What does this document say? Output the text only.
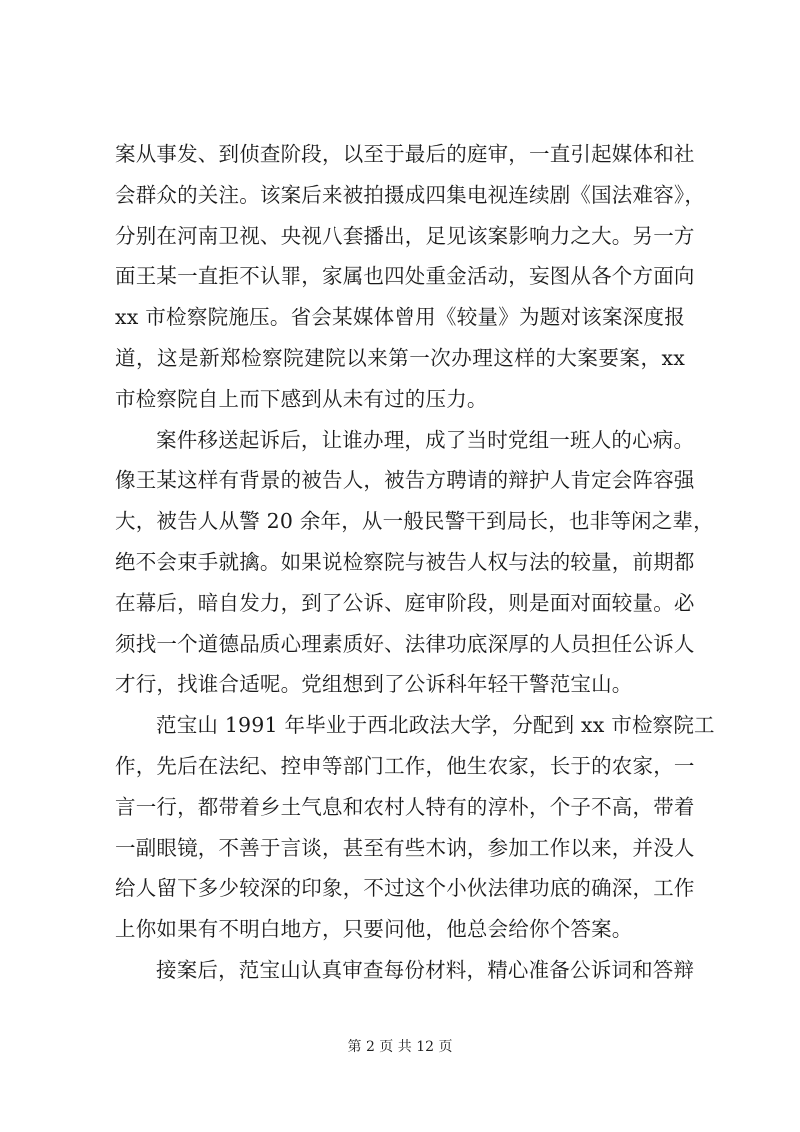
案从事发、到侦查阶段，以至于最后的庭审，一直引起媒体和社
会群众的关注。该案后来被拍摄成四集电视连续剧《国法难容》，
分别在河南卫视、央视八套播出，足见该案影响力之大。另一方
面王某一直拒不认罪，家属也四处重金活动，妄图从各个方面向
xx 市检察院施压。省会某媒体曾用《较量》为题对该案深度报
道，这是新郑检察院建院以来第一次办理这样的大案要案，xx
市检察院自上而下感到从未有过的压力。
案件移送起诉后，让谁办理，成了当时党组一班人的心病。
像王某这样有背景的被告人，被告方聘请的辩护人肯定会阵容强
大，被告人从警 20 余年，从一般民警干到局长，也非等闲之辈，
绝不会束手就擒。如果说检察院与被告人权与法的较量，前期都
在幕后，暗自发力，到了公诉、庭审阶段，则是面对面较量。必
须找一个道德品质心理素质好、法律功底深厚的人员担任公诉人
才行，找谁合适呢。党组想到了公诉科年轻干警范宝山。
范宝山 1991 年毕业于西北政法大学，分配到 xx 市检察院工
作，先后在法纪、控申等部门工作，他生农家，长于的农家，一
言一行，都带着乡土气息和农村人特有的淳朴，个子不高，带着
一副眼镜，不善于言谈，甚至有些木讷，参加工作以来，并没人
给人留下多少较深的印象，不过这个小伙法律功底的确深，工作
上你如果有不明白地方，只要问他，他总会给你个答案。
接案后，范宝山认真审查每份材料，精心准备公诉词和答辩
第 2 页 共 12 页
